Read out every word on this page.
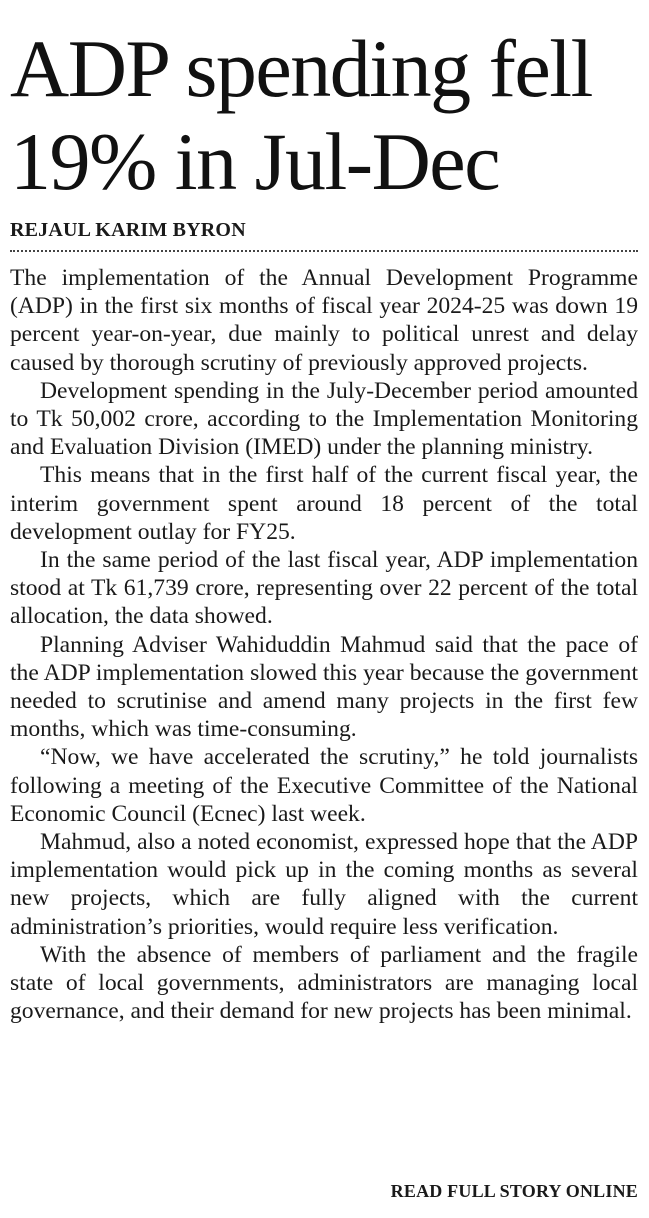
ADP spending fell 19% in Jul-Dec
REJAUL KARIM BYRON

The implementation of the Annual Development Programme (ADP) in the first six months of fiscal year 2024-25 was down 19 percent year-on-year, due mainly to political unrest and delay caused by thorough scrutiny of previously approved projects.

Development spending in the July-December period amounted to Tk 50,002 crore, according to the Implementation Monitoring and Evaluation Division (IMED) under the planning ministry.

This means that in the first half of the current fiscal year, the interim government spent around 18 percent of the total development outlay for FY25.

In the same period of the last fiscal year, ADP implementation stood at Tk 61,739 crore, representing over 22 percent of the total allocation, the data showed.

Planning Adviser Wahiduddin Mahmud said that the pace of the ADP implementation slowed this year because the government needed to scrutinise and amend many projects in the first few months, which was time-consuming.

“Now, we have accelerated the scrutiny,” he told journalists following a meeting of the Executive Committee of the National Economic Council (Ecnec) last week.

Mahmud, also a noted economist, expressed hope that the ADP implementation would pick up in the coming months as several new projects, which are fully aligned with the current administration’s priorities, would require less verification.

With the absence of members of parliament and the fragile state of local governments, administrators are managing local governance, and their demand for new projects has been minimal.

READ FULL STORY ONLINE
